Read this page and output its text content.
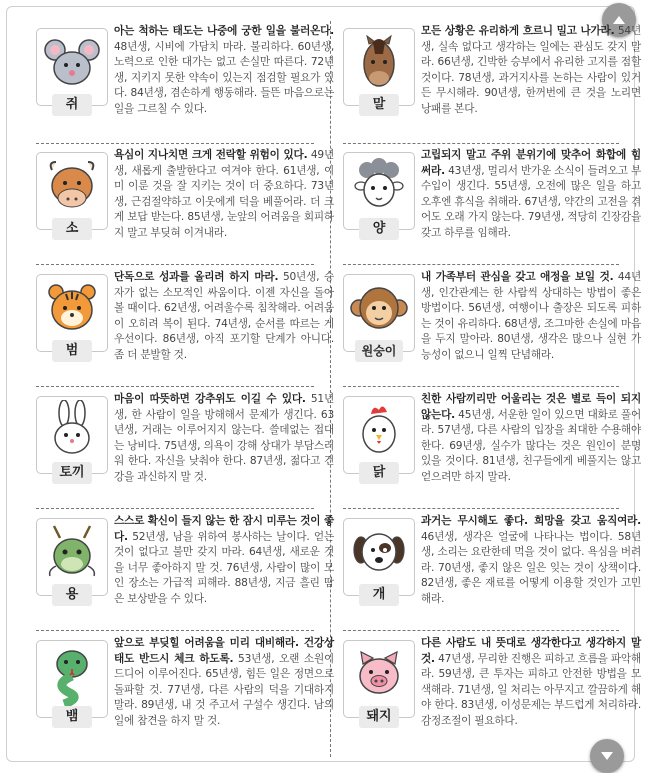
쥐

아는 척하는 태도는 나중에 궁한 일을 불러온다. 48년생, 시비에 가담치 마라. 불리하다. 60년생, 노력으로 인한 대가는 없고 손실만 따른다. 72년생, 지키지 못한 약속이 있는지 점검할 필요가 있다. 84년생, 겸손하게 행동해라. 들뜬 마음으로는 일을 그르칠 수 있다.

소

욕심이 지나치면 크게 전락할 위험이 있다. 49년생, 새롭게 출발한다고 여겨야 한다. 61년생, 이미 이룬 것을 잘 지키는 것이 더 중요하다. 73년생, 근검절약하고 이웃에게 덕을 베풀어라. 더 크게 보답 받는다. 85년생, 눈앞의 어려움을 회피하지 말고 부딪혀 이겨내라.

범

단독으로 성과를 올리려 하지 마라. 50년생, 승자가 없는 소모적인 싸움이다. 이젠 자신을 돌아볼 때이다. 62년생, 어려울수록 침착해라. 어려움이 오히려 복이 된다. 74년생, 순서를 따르는 게 우선이다. 86년생, 아직 포기할 단계가 아니다. 좀 더 분발할 것.

토끼

마음이 따뜻하면 강추위도 이길 수 있다. 51년생, 한 사람이 일을 방해해서 문제가 생긴다. 63년생, 거래는 이루어지지 않는다. 쓸데없는 접대는 낭비다. 75년생, 의욕이 강해 상대가 부담스러워 한다. 자신을 낮춰야 한다. 87년생, 젊다고 건강을 과신하지 말 것.

용

스스로 확신이 들지 않는 한 잠시 미루는 것이 좋다. 52년생, 남을 위하여 봉사하는 날이다. 얻는 것이 없다고 불만 갖지 마라. 64년생, 새로운 것을 너무 좋아하지 말 것. 76년생, 사람이 많이 모인 장소는 가급적 피해라. 88년생, 지금 흘린 땀은 보상받을 수 있다.

뱀

앞으로 부딪힐 어려움을 미리 대비해라. 건강상태도 반드시 체크 하도록. 53년생, 오랜 소원이 드디어 이루어진다. 65년생, 힘든 일은 정면으로 돌파할 것. 77년생, 다른 사람의 덕을 기대하지 말라. 89년생, 내 것 주고서 구설수 생긴다. 남의 일에 참견을 하지 말 것.

말

모든 상황은 유리하게 흐르니 밀고 나가라. 54년생, 실속 없다고 생각하는 일에는 관심도 갖지 말라. 66년생, 긴박한 승부에서 유리한 고지를 점할 것이다. 78년생, 과거지사를 논하는 사람이 있거든 무시해라. 90년생, 한꺼번에 큰 것을 노리면 낭패를 본다.

양

고립되지 말고 주위 분위기에 맞추어 화합에 힘써라. 43년생, 멀리서 반가운 소식이 들려오고 부수입이 생긴다. 55년생, 오전에 많은 일을 하고 오후엔 휴식을 취해라. 67년생, 약간의 고전을 겪어도 오래 가지 않는다. 79년생, 적당히 긴장감을 갖고 하루를 임해라.

원숭이

내 가족부터 관심을 갖고 애정을 보일 것. 44년생, 인간관계는 한 사람씩 상대하는 방법이 좋은 방법이다. 56년생, 여행이나 출장은 되도록 피하는 것이 유리하다. 68년생, 조그마한 손실에 마음을 두지 말아라. 80년생, 생각은 많으나 실현 가능성이 없으니 일찍 단념해라.

닭

친한 사람끼리만 어울리는 것은 별로 득이 되지 않는다. 45년생, 서운한 일이 있으면 대화로 풀어라. 57년생, 다른 사람의 입장을 최대한 수용해야 한다. 69년생, 실수가 많다는 것은 원인이 분명 있을 것이다. 81년생, 친구들에게 베풀지는 않고 얻으려만 하지 말라.

개

과거는 무시해도 좋다. 희망을 갖고 움직여라. 46년생, 생각은 얼굴에 나타나는 법이다. 58년생, 소리는 요란한데 먹을 것이 없다. 욕심을 버려라. 70년생, 좋지 않은 일은 잊는 것이 상책이다. 82년생, 좋은 재료를 어떻게 이용할 것인가 고민해라.

돼지

다른 사람도 내 뜻대로 생각한다고 생각하지 말 것. 47년생, 무리한 진행은 피하고 흐름을 파악해라. 59년생, 큰 투자는 피하고 안전한 방법을 모색해라. 71년생, 일 처리는 아무지고 깔끔하게 해야 한다. 83년생, 이성문제는 부드럽게 처리하라. 감정조절이 필요하다.
